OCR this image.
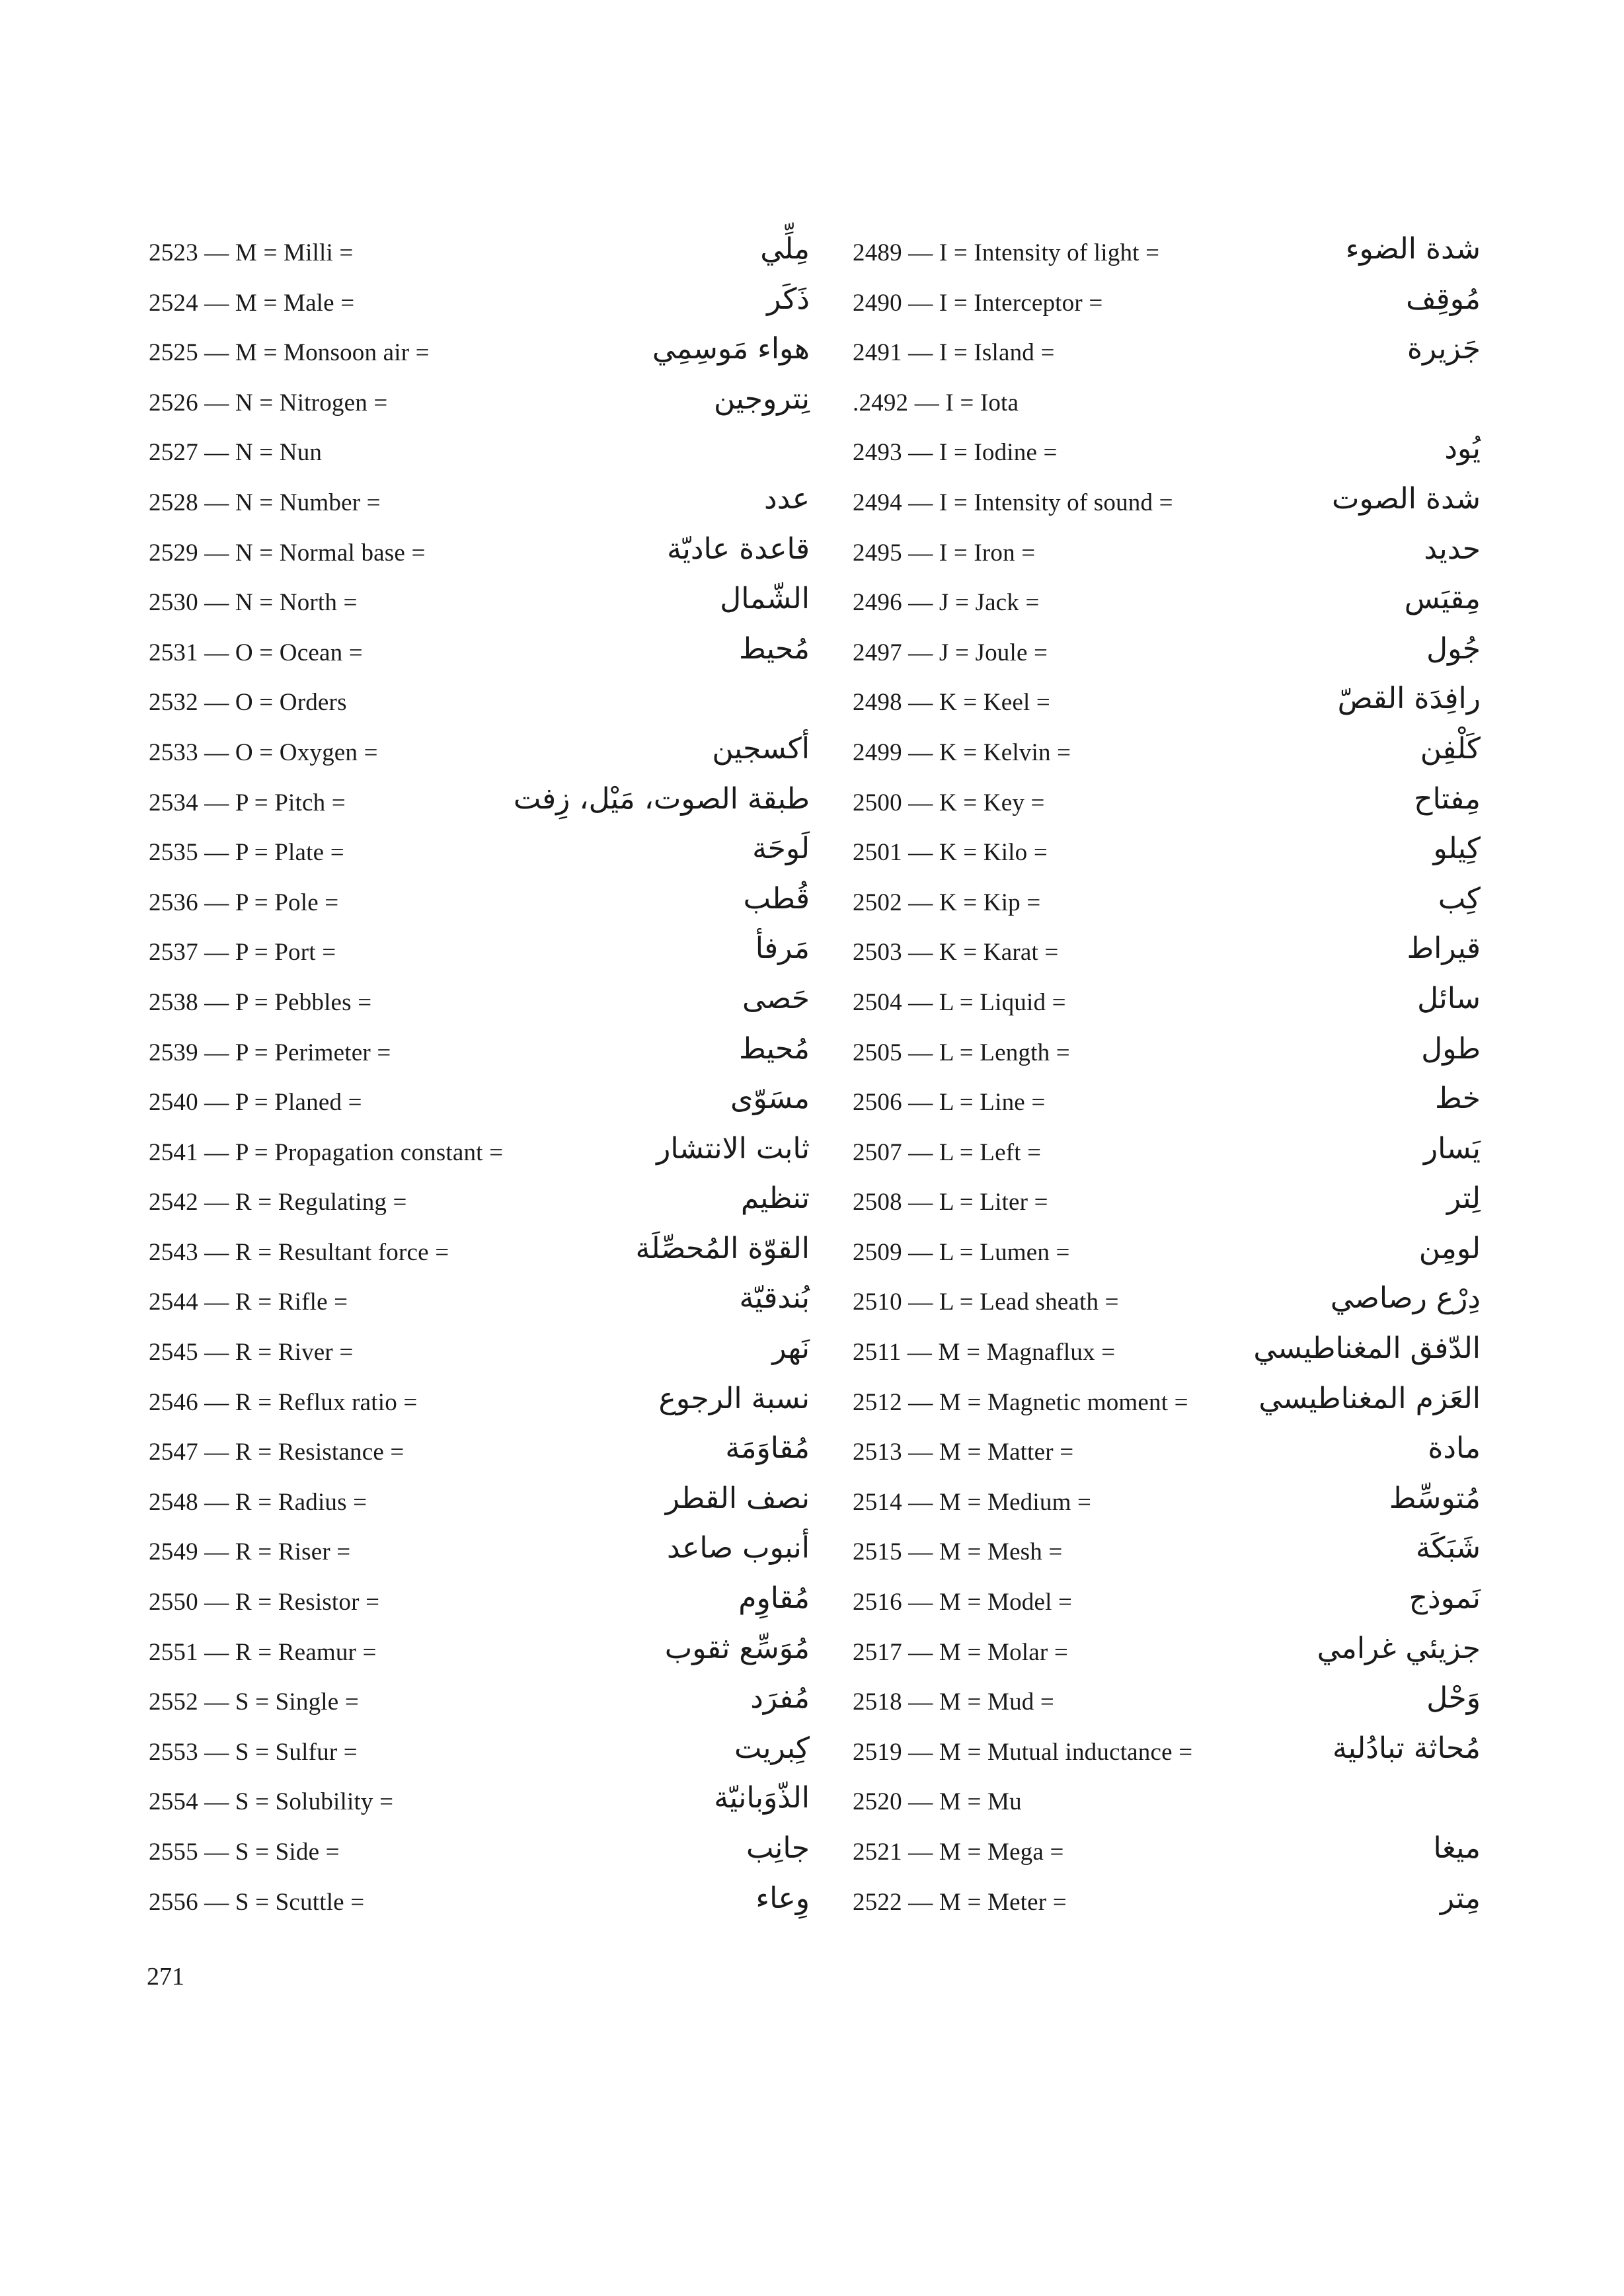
2523 — M = Milli =	مِلِّي
2524 — M = Male =	ذَكَر
2525 — M = Monsoon air =	هواء مَوسِمِي
2526 — N = Nitrogen =	نِتروجين
2527 — N = Nun
2528 — N = Number =	عدد
2529 — N = Normal base =	قاعدة عاديّة
2530 — N = North =	الشّمال
2531 — O = Ocean =	مُحيط
2532 — O = Orders
2533 — O = Oxygen =	أكسجين
2534 — P = Pitch =	طبقة الصوت، مَيْل، زِفت
2535 — P = Plate =	لَوحَة
2536 — P = Pole =	قُطب
2537 — P = Port =	مَرفأ
2538 — P = Pebbles =	حَصى
2539 — P = Perimeter =	مُحيط
2540 — P = Planed =	مسَوّى
2541 — P = Propagation constant =	ثابت الانتشار
2542 — R = Regulating =	تنظيم
2543 — R = Resultant force =	القوّة المُحصِّلَة
2544 — R = Rifle =	بُندقيّة
2545 — R = River =	نَهر
2546 — R = Reflux ratio =	نسبة الرجوع
2547 — R = Resistance =	مُقاوَمَة
2548 — R = Radius =	نصف القطر
2549 — R = Riser =	أنبوب صاعد
2550 — R = Resistor =	مُقاوِم
2551 — R = Reamur =	مُوَسِّع ثقوب
2552 — S = Single =	مُفرَد
2553 — S = Sulfur =	كِبريت
2554 — S = Solubility =	الذّوَبانيّة
2555 — S = Side =	جانِب
2556 — S = Scuttle =	وِعاء
2489 — I = Intensity of light =	شدة الضوء
2490 — I = Interceptor =	مُوقِف
2491 — I = Island =	جَزيرة
.2492 — I = Iota
2493 — I = Iodine =	يُود
2494 — I = Intensity of sound =	شدة الصوت
2495 — I = Iron =	حديد
2496 — J = Jack =	مِقيَس
2497 — J = Joule =	جُول
2498 — K = Keel =	رافِدَة القصّ
2499 — K = Kelvin =	كَلْفِن
2500 — K = Key =	مِفتاح
2501 — K = Kilo =	كِيلو
2502 — K = Kip =	كِب
2503 — K = Karat =	قيراط
2504 — L = Liquid =	سائل
2505 — L = Length =	طول
2506 — L = Line =	خط
2507 — L = Left =	يَسار
2508 — L = Liter =	لِتر
2509 — L = Lumen =	لومِن
2510 — L = Lead sheath =	دِرْع رصاصي
2511 — M = Magnaflux =	الدّفق المغناطيسي
2512 — M = Magnetic moment = العَزم المغناطيسي
2513 — M = Matter =	مادة
2514 — M = Medium =	مُتوسِّط
2515 — M = Mesh =	شَبَكَة
2516 — M = Model =	نَموذج
2517 — M = Molar =	جزيئي غرامي
2518 — M = Mud =	وَحْل
2519 — M = Mutual inductance =	مُحاثة تبادُلية
2520 — M = Mu
2521 — M = Mega =	ميغا
2522 — M = Meter =	مِتر
271
